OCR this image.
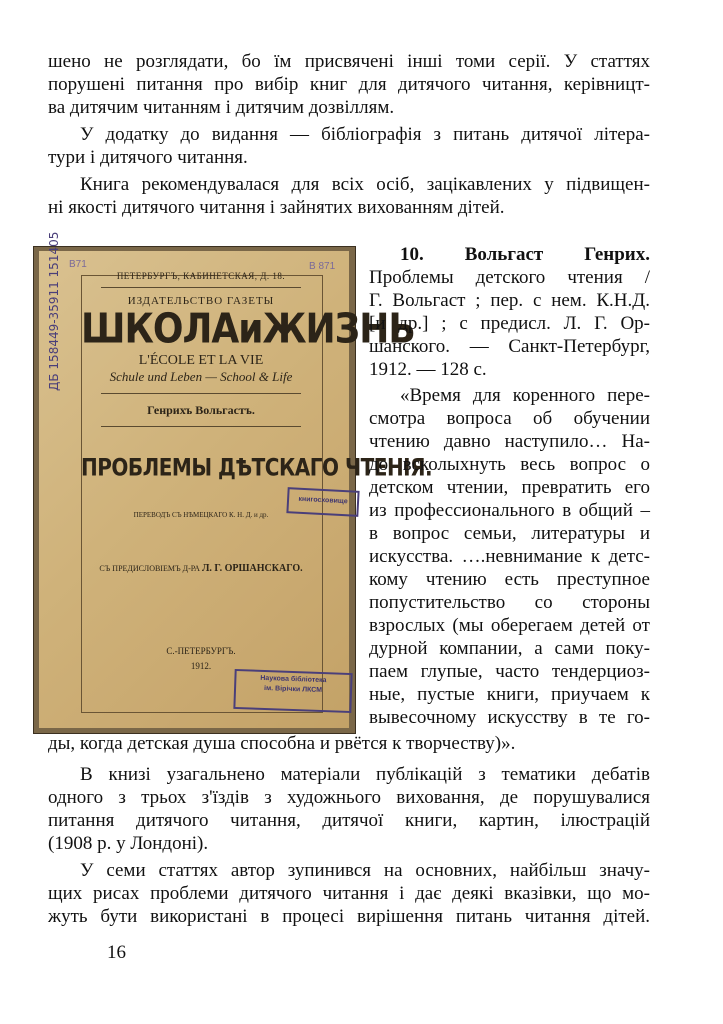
шено не розглядати, бо їм присвячені інші томи серії. У статтях
порушені питання про вибір книг для дитячого читання, керівницт-
ва дитячим читанням і дитячим дозвіллям.
У додатку до видання — бібліографія з питань дитячої літера-
тури і дитячого читання.
Книга рекомендувалася для всіх осіб, зацікавлених у підвищен-
ні якості дитячого читання і зайнятих вихованням дітей.
В71	В 871
ПЕТЕРБУРГЪ, КАБИНЕТСКАЯ, Д. 18.
ИЗДАТЕЛЬСТВО ГАЗЕТЫ
ШКОЛАиЖИЗНЬ
L'ÉCOLE ET LA VIE
Schule und Leben — School & Life
Генрихъ Вольгастъ.
ПРОБЛЕМЫ ДѢТСКАГО ЧТЕНІЯ.
ПЕРЕВОДЪ СЪ НѢМЕЦКАГО К. Н. Д. и др.
СЪ ПРЕДИСЛОВІЕМЪ Д-РА Л. Г. ОРШАНСКАГО.
С.-ПЕТЕРБУРГЪ.
1912.
книгосховище
Наукова бібліотека
ім. Вірічки ЛКСМ
ДБ 158449-35911 151405	10. Вольгаст Генрих.
Проблемы детского чтения /
Г. Вольгаст ; пер. с нем. К.Н.Д.
[и др.] ; с предисл. Л. Г. Ор-
шанского. — Санкт-Петербург,
1912. — 128 с.
«Время для коренного пере-
смотра вопроса об обучении
чтению давно наступило… На-
до всколыхнуть весь вопрос о
детском чтении, превратить его
из профессионального в общий –
в вопрос семьи, литературы и
искусства. ….невнимание к детс-
кому чтению есть преступное
попустительство со стороны
взрослых (мы оберегаем детей от
дурной компании, а сами поку-
паем глупые, часто тендерциоз-
ные, пустые книги, приучаем к
вывесочному искусству в те го-
ды, когда детская душа способна и рвётся к творчеству)».
В книзі узагальнено матеріали публікацій з тематики дебатів
одного з трьох з'їздів з художнього виховання, де порушувалися
питання дитячого читання, дитячої книги, картин, ілюстрацій
(1908 р. у Лондоні).
У семи статтях автор зупинився на основних, найбільш значу-
щих рисах проблеми дитячого читання і дає деякі вказівки, що мо-
жуть бути використані в процесі вирішення питань читання дітей.
16
